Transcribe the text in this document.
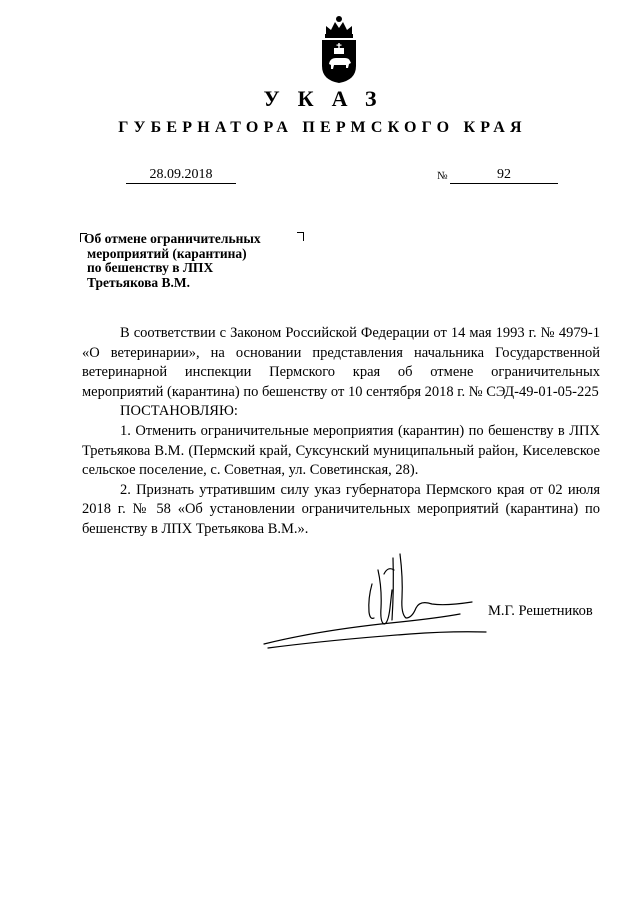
УКАЗ
ГУБЕРНАТОРА ПЕРМСКОГО КРАЯ
28.09.2018	№	92
Об отмене ограничительных
мероприятий (карантина)
по бешенству в ЛПХ
Третьякова В.М.

В соответствии с Законом Российской Федерации от 14 мая 1993 г. № 4979-1 «О ветеринарии», на основании представления начальника Государственной ветеринарной инспекции Пермского края об отмене ограничительных мероприятий (карантина) по бешенству от 10 сентября 2018 г. № СЭД-49-01-05-225

ПОСТАНОВЛЯЮ:

1. Отменить ограничительные мероприятия (карантин) по бешенству в ЛПХ Третьякова В.М. (Пермский край, Суксунский муниципальный район, Киселевское сельское поселение, с. Советная, ул. Советинская, 28).

2. Признать утратившим силу указ губернатора Пермского края от 02 июля 2018 г. № 58 «Об установлении ограничительных мероприятий (карантина) по бешенству в ЛПХ Третьякова В.М.».

М.Г. Решетников
